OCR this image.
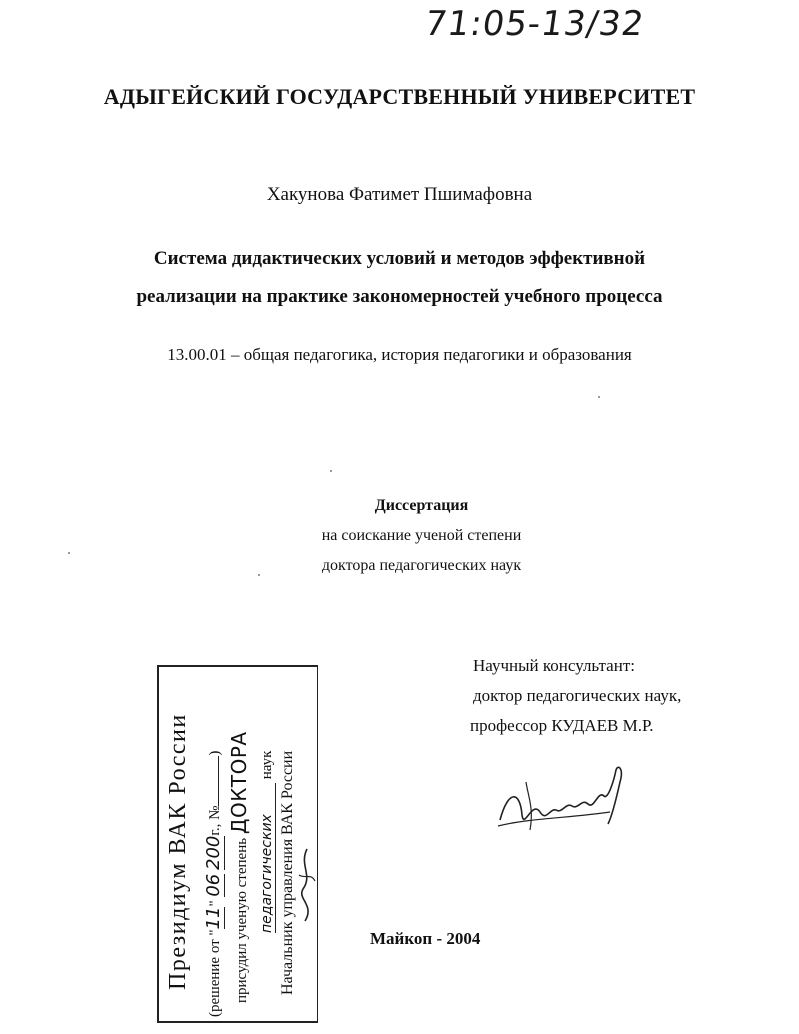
71:05-13/32
АДЫГЕЙСКИЙ ГОСУДАРСТВЕННЫЙ УНИВЕРСИТЕТ
Хакунова Фатимет Пшимафовна
Система дидактических условий и методов эффективной
реализации на практике закономерностей учебного процесса
13.00.01 – общая педагогика, история педагогики и образования
Диссертация
на соискание ученой степени
доктора педагогических наук
Научный консультант:
доктор педагогических наук,
профессор КУДАЕВ М.Р.
Майкоп - 2004
Президиум ВАК России (решение от "11" 06 200г., №)
присудил ученую степень ДОКТОРА
педагогических наук Начальник управления ВАК России
